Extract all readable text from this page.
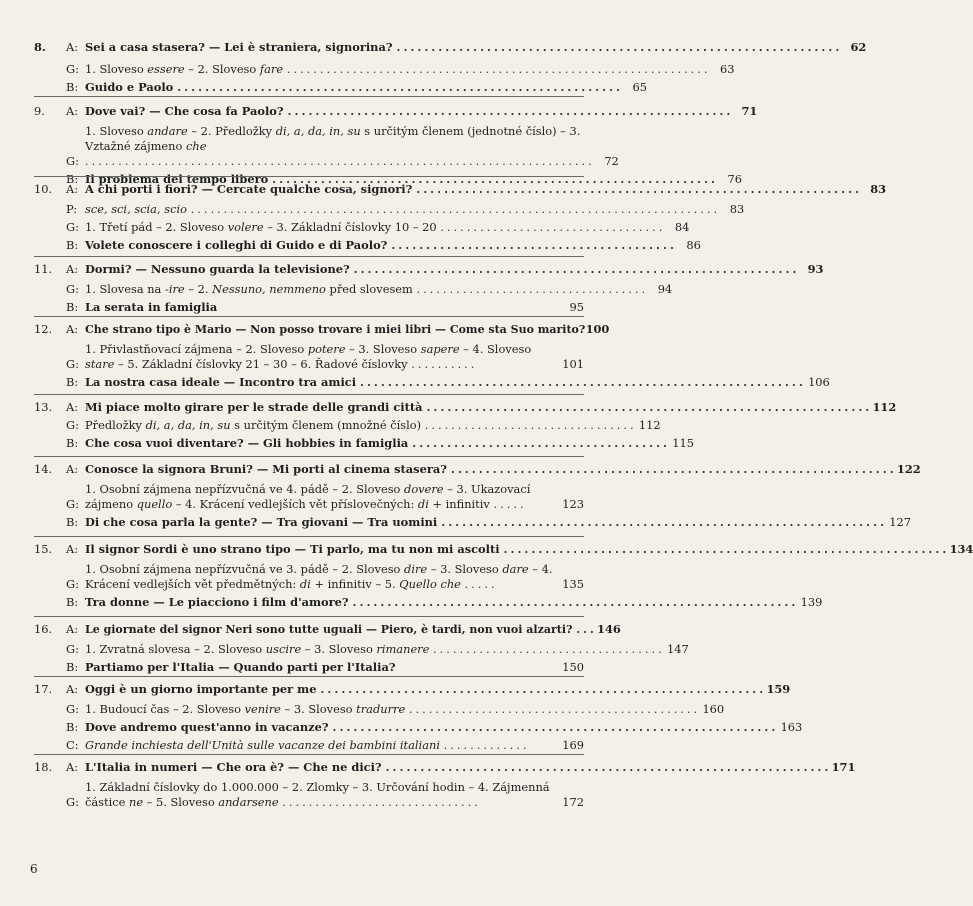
8.	A: Sei a casa stasera? — Lei è straniera, signorina? ................................................................ 62
G: 1. Sloveso essere – 2. Sloveso fare ................................................................ 63
B: Guido e Paolo ................................................................ 65
9.	A: Dove vai? — Che cosa fa Paolo? ................................................................ 71
G:
1. Sloveso andare – 2. Předložky di, a, da, in, su s určitým členem (jednotné číslo) – 3. Vztažné zájmeno che ............................................................................. 72
B: Il problema del tempo libero ................................................................ 76
10.	A: A chi porti i fiori? — Cercate qualche cosa, signori? ................................................................ 83
P: sce, sci, scia, scio ................................................................................ 83
G: 1. Třetí pád – 2. Sloveso volere – 3. Základní číslovky 10 – 20 .................................. 84
B: Volete conoscere i colleghi di Guido e di Paolo? ......................................... 86
11.	A: Dormi? — Nessuno guarda la televisione? ................................................................ 93
G: 1. Slovesa na -ire – 2. Nessuno, nemmeno před slovesem ................................... 94
B: La serata in famiglia	95
12.	A: Che strano tipo è Mario — Non posso trovare i miei libri — Come sta Suo marito? 100
G:
1. Přivlastňovací zájmena – 2. Sloveso potere – 3. Sloveso sapere – 4. Sloveso stare – 5. Základní číslovky 21 – 30 – 6. Řadové číslovky ..........	101
B: La nostra casa ideale — Incontro tra amici ................................................................ 106
13.	A: Mi piace molto girare per le strade delle grandi città ................................................................ 112
G: Předložky di, a, da, in, su s určitým členem (množné číslo) ................................ 112
B: Che cosa vuoi diventare? — Gli hobbies in famiglia ..................................... 115
14.	A: Conosce la signora Bruni? — Mi porti al cinema stasera? ................................................................ 122
G:
1. Osobní zájmena nepřízvučná ve 4. pádě – 2. Sloveso dovere – 3. Ukazovací zájmeno quello – 4. Krácení vedlejších vět příslovečných: di + infinitiv .....	123
B: Di che cosa parla la gente? — Tra giovani — Tra uomini ................................................................ 127
15.	A: Il signor Sordi è uno strano tipo — Ti parlo, ma tu non mi ascolti ................................................................ 134
G:
1. Osobní zájmena nepřízvučná ve 3. pádě – 2. Sloveso dire – 3. Sloveso dare – 4. Krácení vedlejších vět předmětných: di + infinitiv – 5. Quello che .....	135
B: Tra donne — Le piacciono i film d'amore? ................................................................ 139
16.	A: Le giornate del signor Neri sono tutte uguali — Piero, è tardi, non vuoi alzarti? ... 146
G: 1. Zvratná slovesa – 2. Sloveso uscire – 3. Sloveso rimanere ................................... 147
B: Partiamo per l'Italia — Quando parti per l'Italia?	150
17.	A: Oggi è un giorno importante per me ................................................................ 159
G: 1. Budoucí čas – 2. Sloveso venire – 3. Sloveso tradurre ............................................ 160
B: Dove andremo quest'anno in vacanze? ................................................................ 163
C: Grande inchiesta dell'Unità sulle vacanze dei bambini italiani .............	169
18.	A: L'Italia in numeri — Che ora è? — Che ne dici? ................................................................ 171
G:
1. Základní číslovky do 1.000.000 – 2. Zlomky – 3. Určování hodin – 4. Zájmenná částice ne – 5. Sloveso andarsene ..............................	172
6
